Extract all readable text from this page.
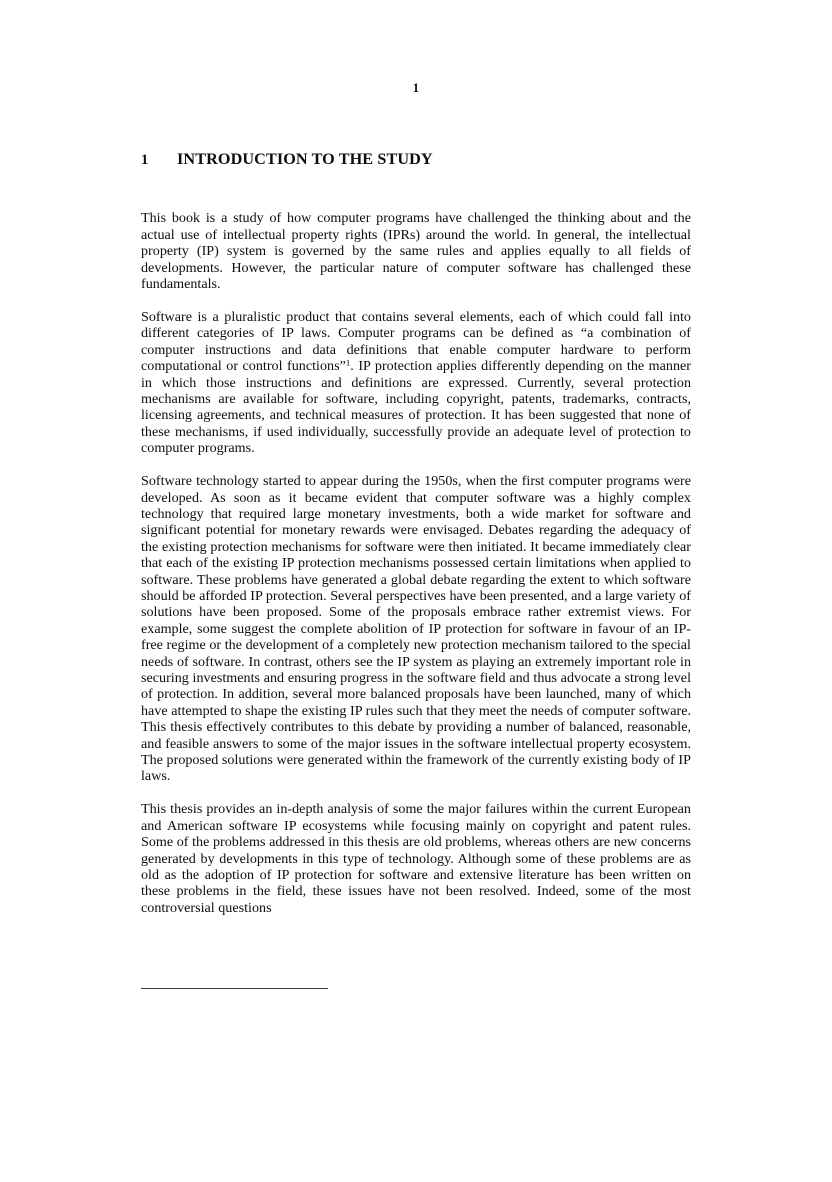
1
1	INTRODUCTION TO THE STUDY

This book is a study of how computer programs have challenged the thinking about and the actual use of intellectual property rights (IPRs) around the world. In general, the intellectual property (IP) system is governed by the same rules and applies equally to all fields of developments. However, the particular nature of computer software has challenged these fundamentals.

Software is a pluralistic product that contains several elements, each of which could fall into different categories of IP laws. Computer programs can be defined as “a combination of computer instructions and data definitions that enable computer hardware to perform computational or control functions”$^1$. IP protection applies differently depending on the manner in which those instructions and definitions are expressed. Currently, several protection mechanisms are available for software, including copyright, patents, trademarks, contracts, licensing agreements, and technical measures of protection. It has been suggested that none of these mechanisms, if used individually, successfully provide an adequate level of protection to computer programs.

Software technology started to appear during the 1950s, when the first computer programs were developed. As soon as it became evident that computer software was a highly complex technology that required large monetary investments, both a wide market for software and significant potential for monetary rewards were envisaged. Debates regarding the adequacy of the existing protection mechanisms for software were then initiated. It became immediately clear that each of the existing IP protection mechanisms possessed certain limitations when applied to software. These problems have generated a global debate regarding the extent to which software should be afforded IP protection. Several perspectives have been presented, and a large variety of solutions have been proposed. Some of the proposals embrace rather extremist views. For example, some suggest the complete abolition of IP protection for software in favour of an IP-free regime or the development of a completely new protection mechanism tailored to the special needs of software. In contrast, others see the IP system as playing an extremely important role in securing investments and ensuring progress in the software field and thus advocate a strong level of protection. In addition, several more balanced proposals have been launched, many of which have attempted to shape the existing IP rules such that they meet the needs of computer software. This thesis effectively contributes to this debate by providing a number of balanced, reasonable, and feasible answers to some of the major issues in the software intellectual property ecosystem. The proposed solutions were generated within the framework of the currently existing body of IP laws.

This thesis provides an in-depth analysis of some the major failures within the current European and American software IP ecosystems while focusing mainly on copyright and patent rules. Some of the problems addressed in this thesis are old problems, whereas others are new concerns generated by developments in this type of technology. Although some of these problems are as old as the adoption of IP protection for software and extensive literature has been written on these problems in the field, these issues have not been resolved. Indeed, some of the most controversial questions
